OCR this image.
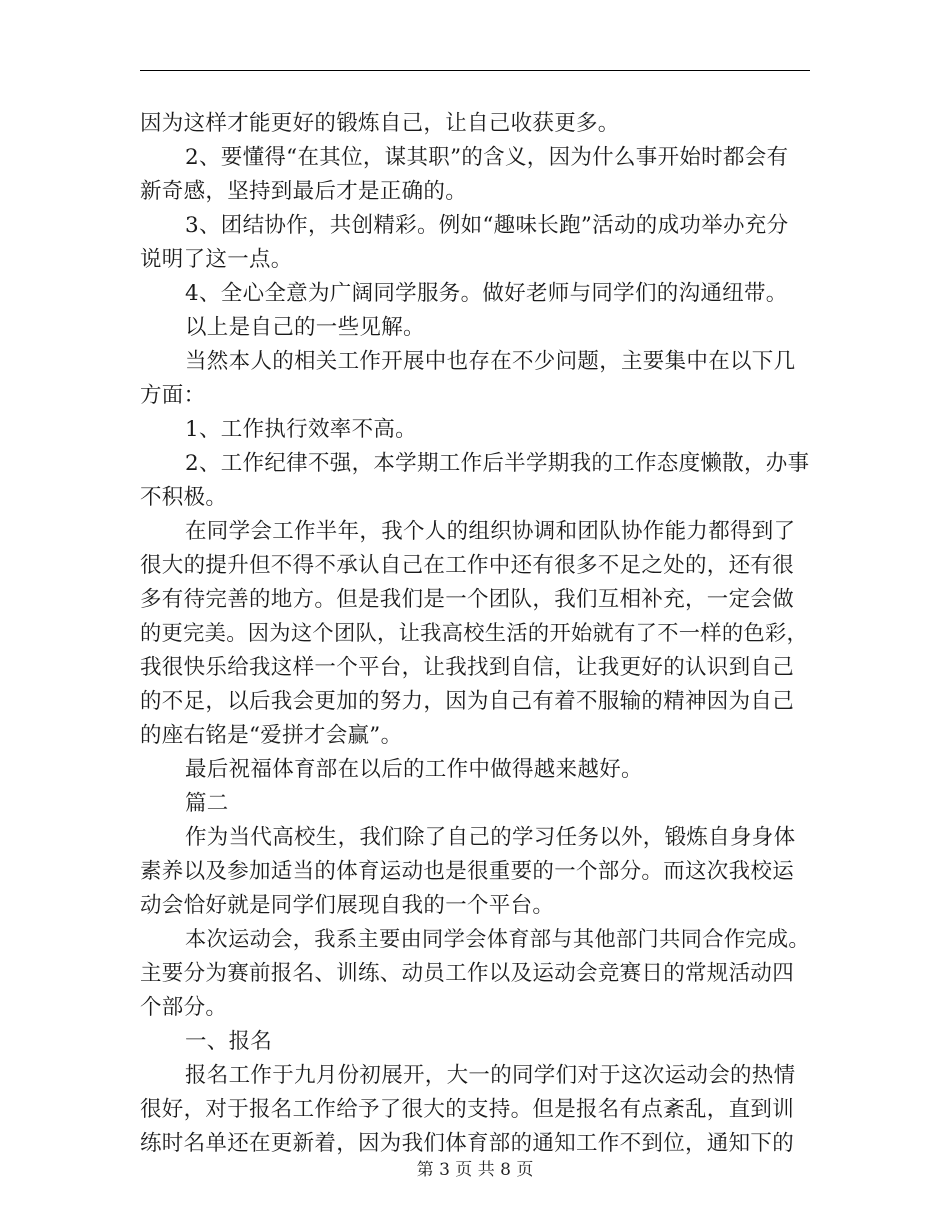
因为这样才能更好的锻炼自己，让自己收获更多。
2、要懂得“在其位，谋其职”的含义，因为什么事开始时都会有
新奇感，坚持到最后才是正确的。
3、团结协作，共创精彩。例如“趣味长跑”活动的成功举办充分
说明了这一点。
4、全心全意为广阔同学服务。做好老师与同学们的沟通纽带。
以上是自己的一些见解。
当然本人的相关工作开展中也存在不少问题，主要集中在以下几
方面：
1、工作执行效率不高。
2、工作纪律不强，本学期工作后半学期我的工作态度懒散，办事
不积极。
在同学会工作半年，我个人的组织协调和团队协作能力都得到了
很大的提升但不得不承认自己在工作中还有很多不足之处的，还有很
多有待完善的地方。但是我们是一个团队，我们互相补充，一定会做
的更完美。因为这个团队，让我高校生活的开始就有了不一样的色彩，
我很快乐给我这样一个平台，让我找到自信，让我更好的认识到自己
的不足，以后我会更加的努力，因为自己有着不服输的精神因为自己
的座右铭是“爱拼才会赢”。
最后祝福体育部在以后的工作中做得越来越好。
篇二
作为当代高校生，我们除了自己的学习任务以外，锻炼自身身体
素养以及参加适当的体育运动也是很重要的一个部分。而这次我校运
动会恰好就是同学们展现自我的一个平台。
本次运动会，我系主要由同学会体育部与其他部门共同合作完成。
主要分为赛前报名、训练、动员工作以及运动会竞赛日的常规活动四
个部分。
一、报名
报名工作于九月份初展开，大一的同学们对于这次运动会的热情
很好，对于报名工作给予了很大的支持。但是报名有点紊乱，直到训
练时名单还在更新着，因为我们体育部的通知工作不到位，通知下的
第 3 页 共 8 页
